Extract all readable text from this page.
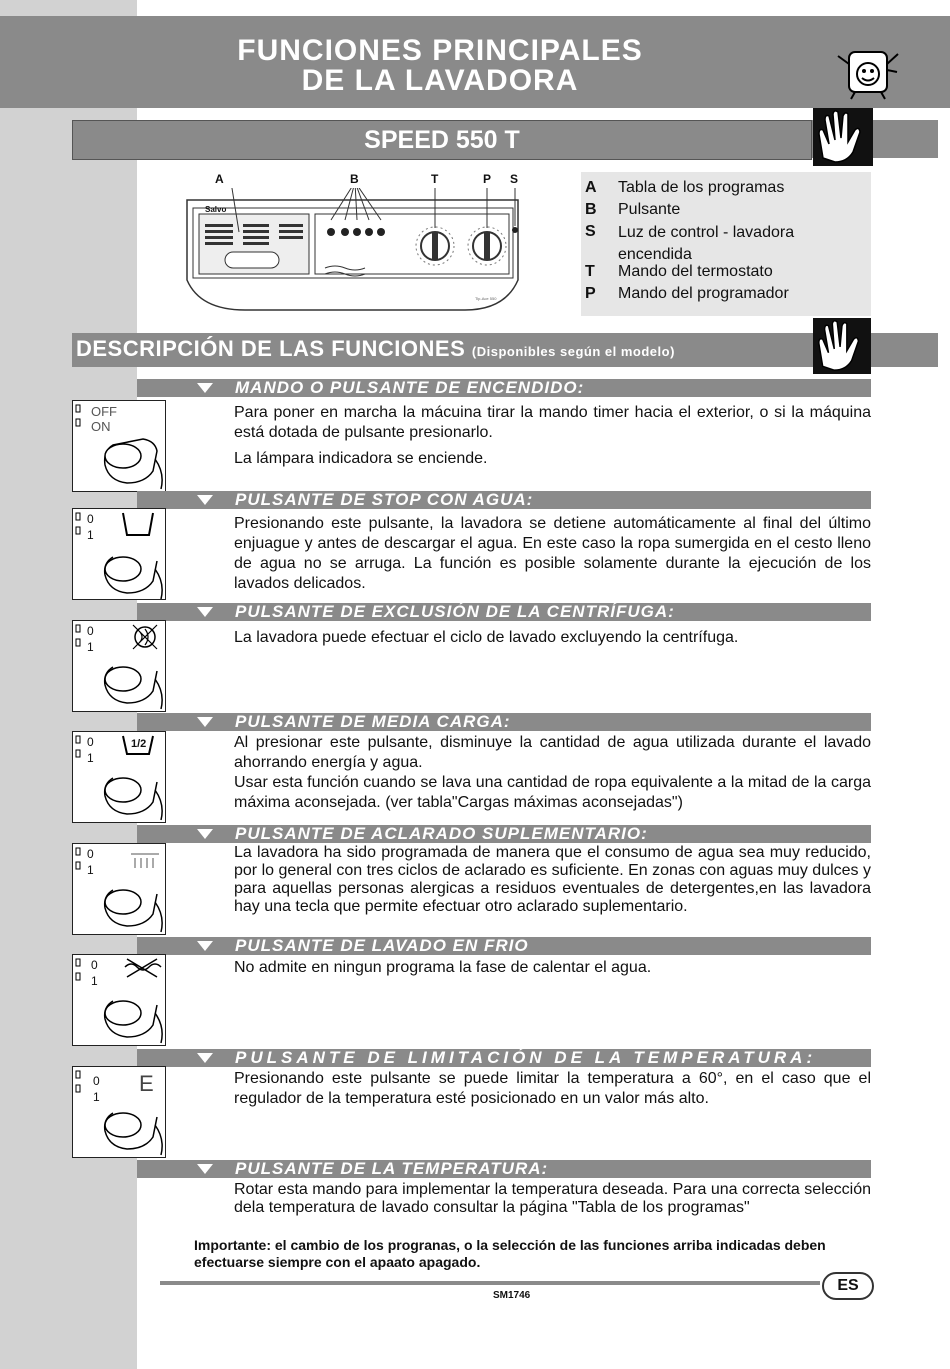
FUNCIONES PRINCIPALES
DE LA LAVADORA
SPEED 550 T
A	B	T	P S
Salvo
Tip-Ace 550
A Tabla de los programas
B Pulsante
S Luz de control - lavadora encendida
T Mando del termostato
P Mando del programador
DESCRIPCIÓN DE LAS FUNCIONES (Disponibles según el modelo)
MANDO O PULSANTE DE ENCENDIDO:
OFF
ON

Para poner en marcha la mácuina tirar la mando timer hacia el exterior, o si la máquina está dotada de pulsante presionarlo.

La lámpara indicadora se enciende.

PULSANTE DE STOP CON AGUA:
0
1

Presionando este pulsante, la lavadora se detiene automáticamente al final del último enjuague y antes de descargar el agua. En este caso la ropa sumergida en el cesto lleno de agua no se arruga. La función es posible solamente durante la ejecución de los lavados delicados.

PULSANTE DE EXCLUSIÓN DE LA CENTRÍFUGA:
0
1

La lavadora puede efectuar el ciclo de lavado excluyendo la centrífuga.

PULSANTE DE MEDIA CARGA:
0
1
1/2	Al presionar este pulsante, disminuye la cantidad de agua utilizada durante el lavado ahorrando energía y agua.

Usar esta función cuando se lava una cantidad de ropa equivalente a la mitad de la carga máxima aconsejada. (ver tabla"Cargas máximas aconsejadas")

PULSANTE DE ACLARADO SUPLEMENTARIO:
0
1

La lavadora ha sido programada de manera que el consumo de agua sea muy reducido, por lo general con tres ciclos de aclarado es suficiente. En zonas con aguas muy dulces y para aquellas personas alergicas a residuos eventuales de detergentes,en las lavadora hay una tecla que permite efectuar otro aclarado suplementario.

PULSANTE DE LAVADO EN FRIO
0
1

No admite en ningun programa la fase de calentar el agua.

PULSANTE DE LIMITACIÓN DE LA TEMPERATURA:
0
1
E	Presionando este pulsante se puede limitar la temperatura a 60°, en el caso que el regulador de la temperatura esté posicionado en un valor más alto.

PULSANTE DE LA TEMPERATURA:

Rotar esta mando para implementar la temperatura deseada. Para una correcta selección dela temperatura de lavado consultar la página "Tabla de los programas"

Importante: el cambio de los progranas, o la selección de las funciones arriba indicadas deben efectuarse siempre con el apaato apagado.
ES
SM1746
